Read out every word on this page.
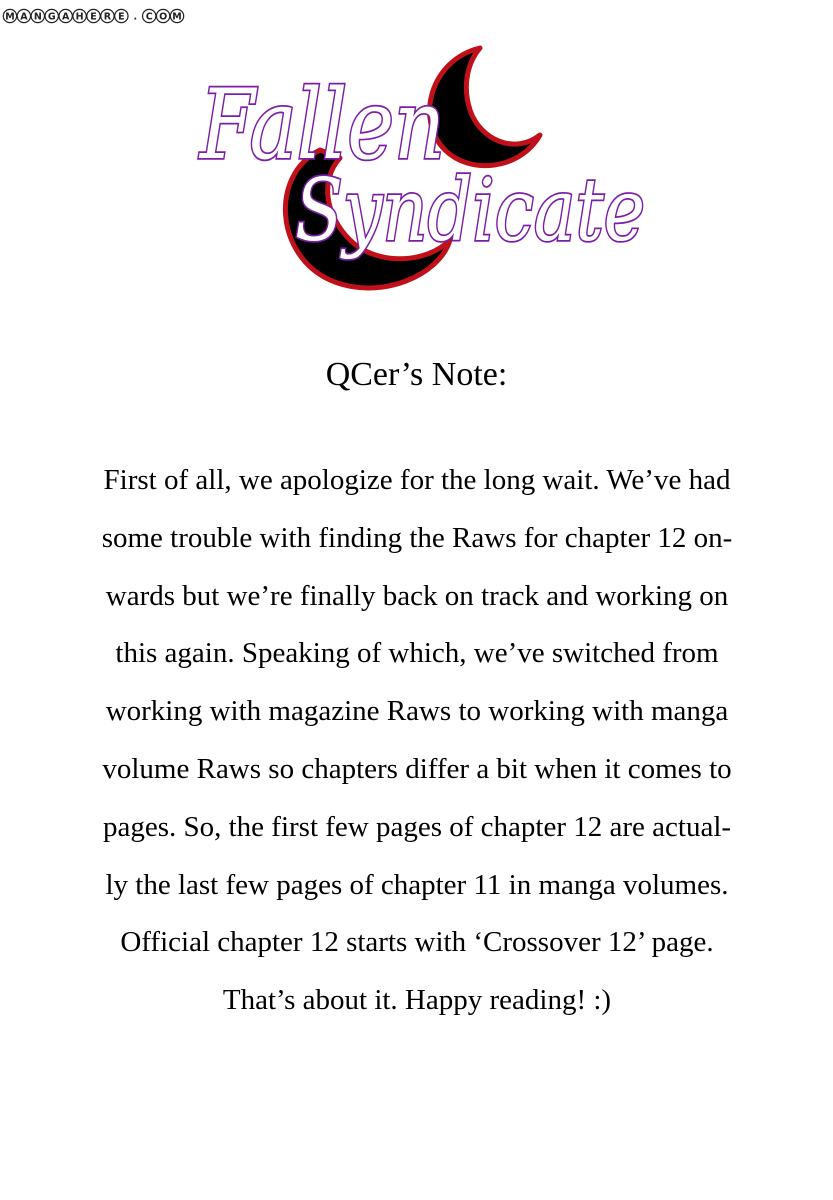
M A N G A H E R E . C O M
Fallen
Syndicate
QCer’s Note:
First of all, we apologize for the long wait. We’ve had
some trouble with finding the Raws for chapter 12 on-
wards but we’re finally back on track and working on
this again. Speaking of which, we’ve switched from
working with magazine Raws to working with manga
volume Raws so chapters differ a bit when it comes to
pages. So, the first few pages of chapter 12 are actual-
ly the last few pages of chapter 11 in manga volumes.
Official chapter 12 starts with ‘Crossover 12’ page.
That’s about it. Happy reading! :)
